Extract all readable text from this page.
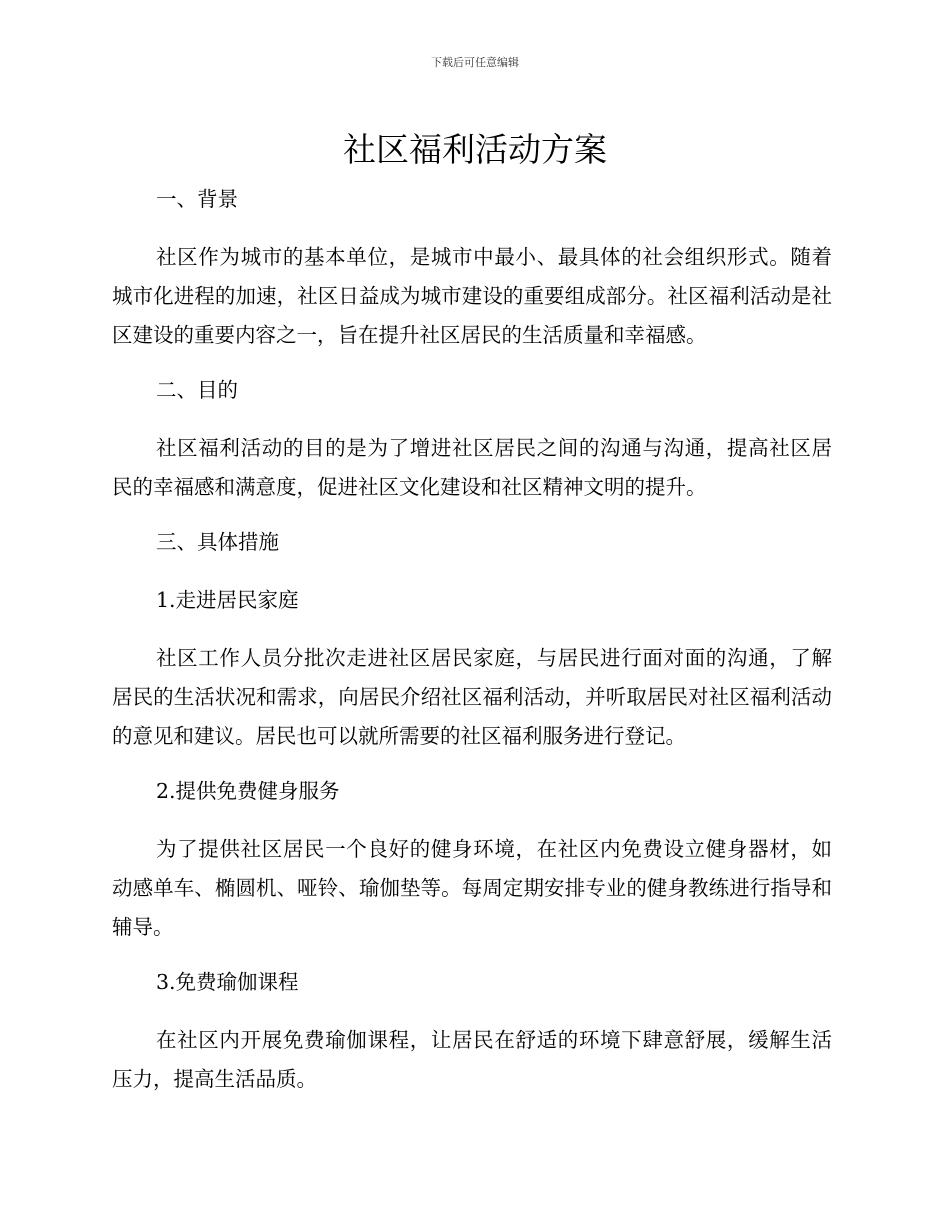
下载后可任意编辑
社区福利活动方案

一、背景

社区作为城市的基本单位，是城市中最小、最具体的社会组织形式。随着城市化进程的加速，社区日益成为城市建设的重要组成部分。社区福利活动是社区建设的重要内容之一，旨在提升社区居民的生活质量和幸福感。

二、目的

社区福利活动的目的是为了增进社区居民之间的沟通与沟通，提高社区居民的幸福感和满意度，促进社区文化建设和社区精神文明的提升。

三、具体措施

1.走进居民家庭

社区工作人员分批次走进社区居民家庭，与居民进行面对面的沟通，了解居民的生活状况和需求，向居民介绍社区福利活动，并听取居民对社区福利活动的意见和建议。居民也可以就所需要的社区福利服务进行登记。

2.提供免费健身服务

为了提供社区居民一个良好的健身环境，在社区内免费设立健身器材，如动感单车、椭圆机、哑铃、瑜伽垫等。每周定期安排专业的健身教练进行指导和辅导。

3.免费瑜伽课程

在社区内开展免费瑜伽课程，让居民在舒适的环境下肆意舒展，缓解生活压力，提高生活品质。
